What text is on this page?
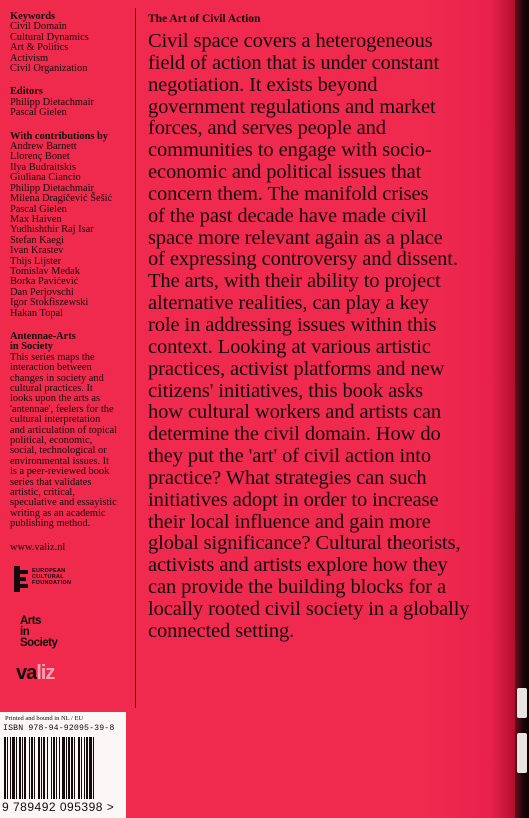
Keywords

Civil Domain

Cultural Dynamics

Art & Politics

Activism

Civil Organization

Editors

Philipp Dietachmair

Pascal Gielen

With contributions by

Andrew Barnett

Llorenç Bonet

Ilya Budraitskis

Giuliana Ciancio

Philipp Dietachmair

Milena Dragičević Šešić

Pascal Gielen

Max Haiven

Yudhishthir Raj Isar

Stefan Kaegi

Ivan Krastev

Thijs Lijster

Tomislav Medak

Borka Pavićević

Dan Perjovschi

Igor Stokfiszewski

Hakan Topal

Antennae-Arts

in Society

This series maps the

interaction between

changes in society and

cultural practices. It

looks upon the arts as

'antennae', feelers for the

cultural interpretation

and articulation of topical

political, economic,

social, technological or

environmental issues. It

is a peer-reviewed book

series that validates

artistic, critical,

speculative and essayistic

writing as an academic

publishing method.

www.valiz.nl

EUROPEAN
CULTURAL
FOUNDATION
Arts
in
Society
valiz
The Art of Civil Action
Civil space covers a heterogeneous
field of action that is under constant
negotiation. It exists beyond
government regulations and market
forces, and serves people and
communities to engage with socio-
economic and political issues that
concern them. The manifold crises
of the past decade have made civil
space more relevant again as a place
of expressing controversy and dissent.
The arts, with their ability to project
alternative realities, can play a key
role in addressing issues within this
context. Looking at various artistic
practices, activist platforms and new
citizens' initiatives, this book asks
how cultural workers and artists can
determine the civil domain. How do
they put the 'art' of civil action into
practice? What strategies can such
initiatives adopt in order to increase
their local influence and gain more
global significance? Cultural theorists,
activists and artists explore how they
can provide the building blocks for a
locally rooted civil society in a globally
connected setting.
Printed and bound in NL / EU
ISBN 978-94-92095-39-8
9 789492 095398 >
